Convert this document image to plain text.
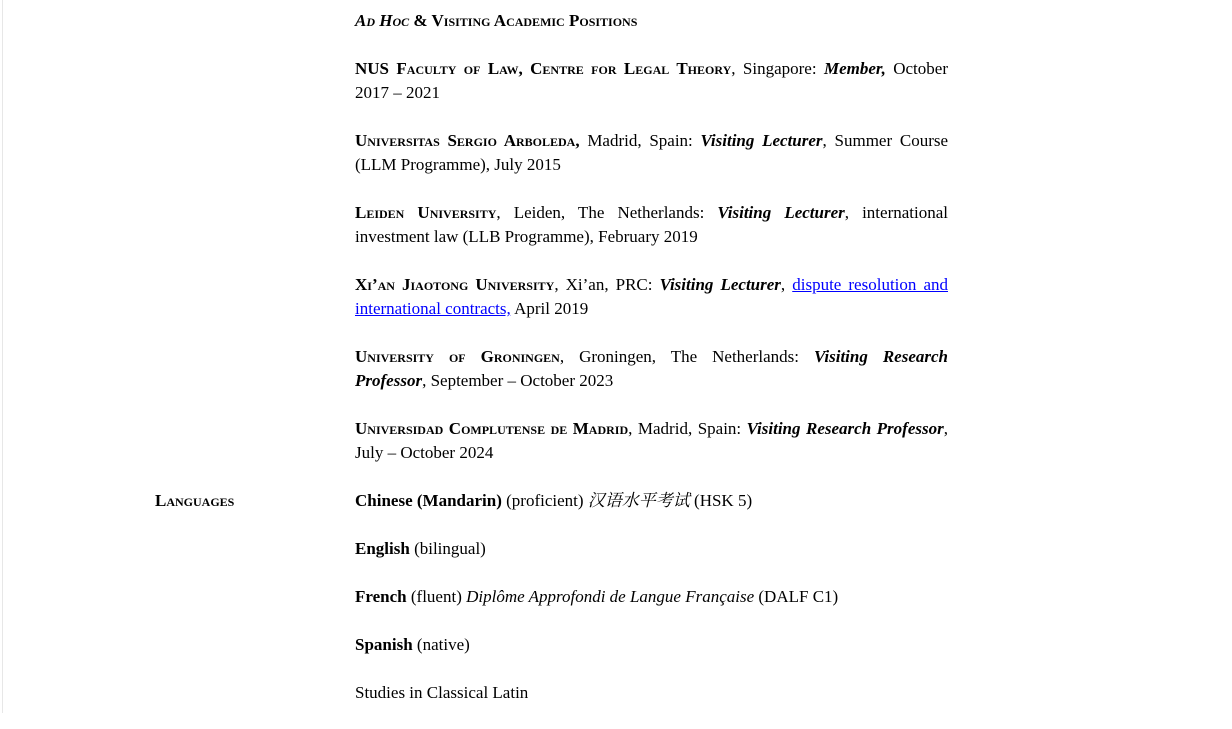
Ad Hoc & Visiting Academic Positions

NUS Faculty of Law, Centre for Legal Theory, Singapore: Member, October 2017 – 2021

Universitas Sergio Arboleda, Madrid, Spain: Visiting Lecturer, Summer Course (LLM Programme), July 2015

Leiden University, Leiden, The Netherlands: Visiting Lecturer, international investment law (LLB Programme), February 2019

Xi’an Jiaotong University, Xi’an, PRC: Visiting Lecturer, dispute resolution and international contracts, April 2019

University of Groningen, Groningen, The Netherlands: Visiting Research Professor, September – October 2023

Universidad Complutense de Madrid, Madrid, Spain: Visiting Research Professor, July – October 2024

Languages	Chinese (Mandarin) (proficient) 汉语水平考试 (HSK 5)

English (bilingual)

French (fluent) Diplôme Approfondi de Langue Française (DALF C1)

Spanish (native)

Studies in Classical Latin
